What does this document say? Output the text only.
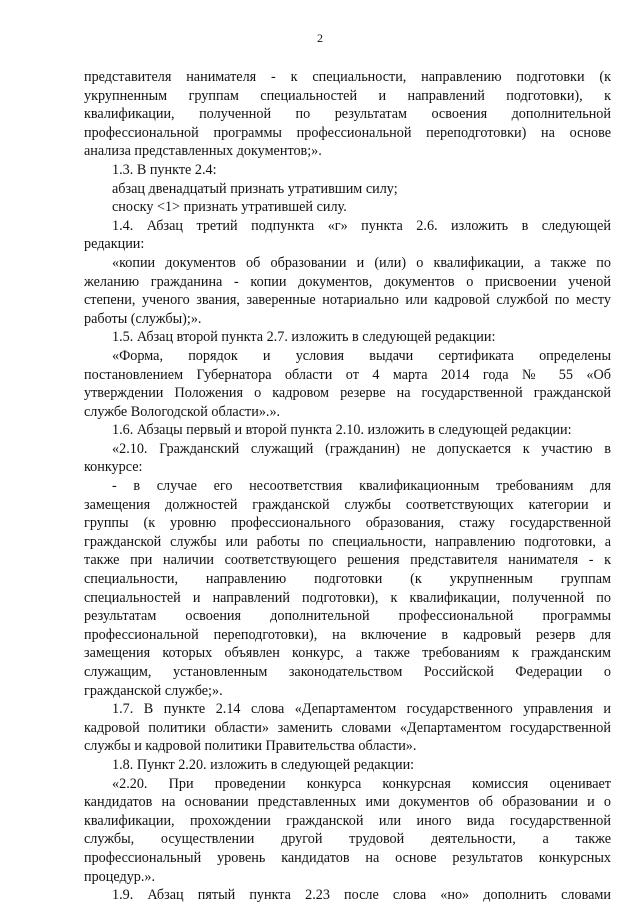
2
представителя нанимателя - к специальности, направлению подготовки (к
укрупненным группам специальностей и направлений подготовки), к
квалификации, полученной по результатам освоения дополнительной
профессиональной программы профессиональной переподготовки) на основе
анализа представленных документов;».
1.3. В пункте 2.4:
абзац двенадцатый признать утратившим силу;
сноску <1> признать утратившей силу.
1.4. Абзац третий подпункта «г» пункта 2.6. изложить в следующей
редакции:
«копии документов об образовании и (или) о квалификации, а также по
желанию гражданина - копии документов, документов о присвоении ученой
степени, ученого звания, заверенные нотариально или кадровой службой по месту
работы (службы);».
1.5. Абзац второй пункта 2.7. изложить в следующей редакции:
«Форма, порядок и условия выдачи сертификата определены
постановлением Губернатора области от 4 марта 2014 года № 55 «Об
утверждении Положения о кадровом резерве на государственной гражданской
службе Вологодской области».».
1.6. Абзацы первый и второй пункта 2.10. изложить в следующей редакции:
«2.10. Гражданский служащий (гражданин) не допускается к участию в
конкурсе:
- в случае его несоответствия квалификационным требованиям для
замещения должностей гражданской службы соответствующих категории и
группы (к уровню профессионального образования, стажу государственной
гражданской службы или работы по специальности, направлению подготовки, а
также при наличии соответствующего решения представителя нанимателя - к
специальности, направлению подготовки (к укрупненным группам
специальностей и направлений подготовки), к квалификации, полученной по
результатам освоения дополнительной профессиональной программы
профессиональной переподготовки), на включение в кадровый резерв для
замещения которых объявлен конкурс, а также требованиям к гражданским
служащим, установленным законодательством Российской Федерации о
гражданской службе;».
1.7. В пункте 2.14 слова «Департаментом государственного управления и
кадровой политики области» заменить словами «Департаментом государственной
службы и кадровой политики Правительства области».
1.8. Пункт 2.20. изложить в следующей редакции:
«2.20. При проведении конкурса конкурсная комиссия оценивает
кандидатов на основании представленных ими документов об образовании и о
квалификации, прохождении гражданской или иного вида государственной
службы, осуществлении другой трудовой деятельности, а также
профессиональный уровень кандидатов на основе результатов конкурсных
процедур.».
1.9. Абзац пятый пункта 2.23 после слова «но» дополнить словами
